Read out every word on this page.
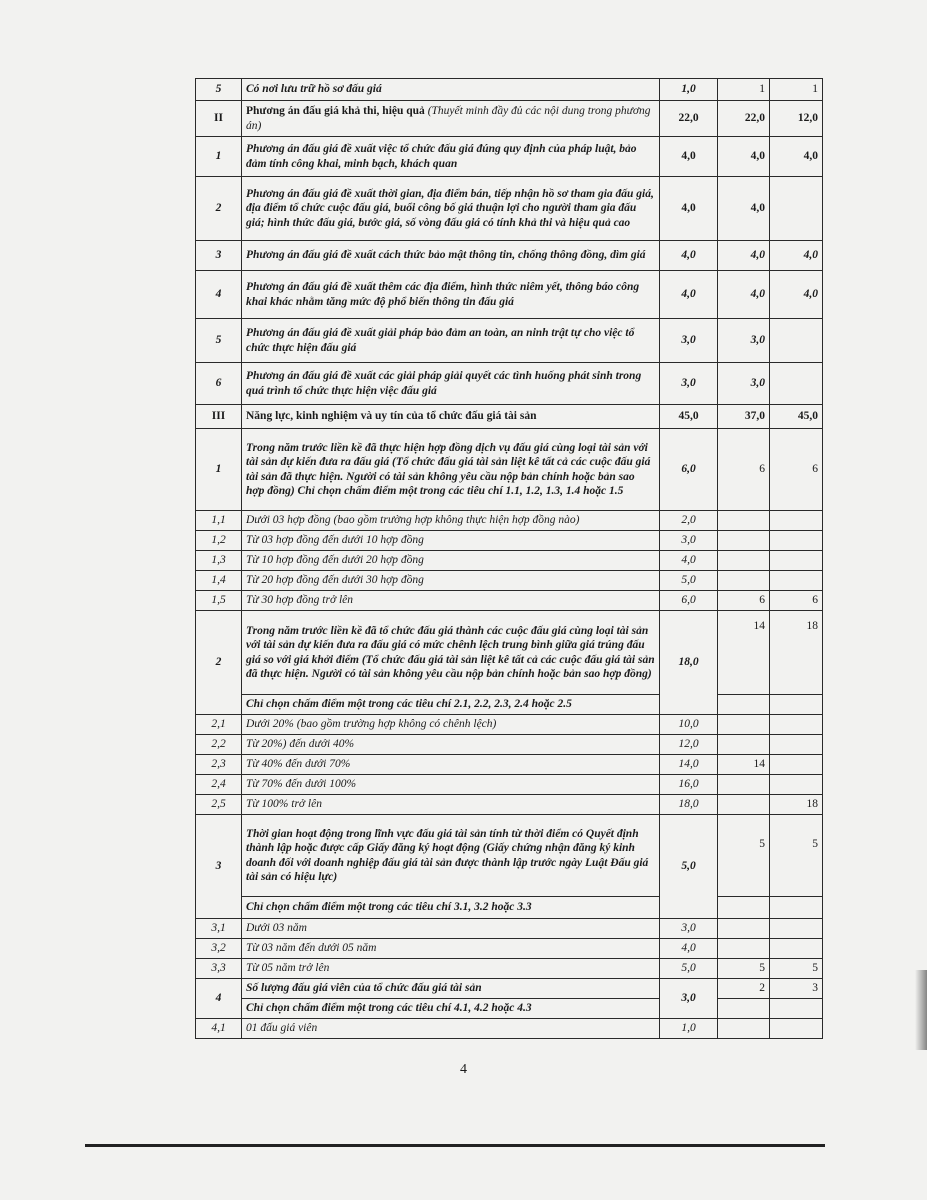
5	Có nơi lưu trữ hồ sơ đấu giá	1,0	1	1
II	Phương án đấu giá khả thi, hiệu quả (Thuyết minh đầy đủ các nội dung trong phương án)	22,0	22,0	12,0
1	Phương án đấu giá đề xuất việc tổ chức đấu giá đúng quy định của pháp luật, bảo đảm tính công khai, minh bạch, khách quan	4,0	4,0	4,0
2	Phương án đấu giá đề xuất thời gian, địa điểm bán, tiếp nhận hồ sơ tham gia đấu giá, địa điểm tổ chức cuộc đấu giá, buổi công bố giá thuận lợi cho người tham gia đấu giá; hình thức đấu giá, bước giá, số vòng đấu giá có tính khả thi và hiệu quả cao	4,0	4,0	
3	Phương án đấu giá đề xuất cách thức bảo mật thông tin, chống thông đồng, dìm giá	4,0	4,0	4,0
4	Phương án đấu giá đề xuất thêm các địa điểm, hình thức niêm yết, thông báo công khai khác nhằm tăng mức độ phổ biến thông tin đấu giá	4,0	4,0	4,0
5	Phương án đấu giá đề xuất giải pháp bảo đảm an toàn, an ninh trật tự cho việc tổ chức thực hiện đấu giá	3,0	3,0	
6	Phương án đấu giá đề xuất các giải pháp giải quyết các tình huống phát sinh trong quá trình tổ chức thực hiện việc đấu giá	3,0	3,0	
III	Năng lực, kinh nghiệm và uy tín của tổ chức đấu giá tài sản	45,0	37,0	45,0
1	Trong năm trước liền kề đã thực hiện hợp đồng dịch vụ đấu giá cùng loại tài sản với tài sản dự kiến đưa ra đấu giá (Tổ chức đấu giá tài sản liệt kê tất cả các cuộc đấu giá tài sản đã thực hiện. Người có tài sản không yêu cầu nộp bản chính hoặc bản sao hợp đồng) Chỉ chọn chấm điểm một trong các tiêu chí 1.1, 1.2, 1.3, 1.4 hoặc 1.5	6,0	6	6
1,1	Dưới 03 hợp đồng (bao gồm trường hợp không thực hiện hợp đồng nào)	2,0		
1,2	Từ 03 hợp đồng đến dưới 10 hợp đồng	3,0		
1,3	Từ 10 hợp đồng đến dưới 20 hợp đồng	4,0		
1,4	Từ 20 hợp đồng đến dưới 30 hợp đồng	5,0		
1,5	Từ 30 hợp đồng trở lên	6,0	6	6
2	Trong năm trước liền kề đã tổ chức đấu giá thành các cuộc đấu giá cùng loại tài sản với tài sản dự kiến đưa ra đấu giá có mức chênh lệch trung bình giữa giá trúng đấu giá so với giá khởi điểm (Tổ chức đấu giá tài sản liệt kê tất cả các cuộc đấu giá tài sản đã thực hiện. Người có tài sản không yêu cầu nộp bản chính hoặc bản sao hợp đồng)	18,0	14	18
	Chỉ chọn chấm điểm một trong các tiêu chí 2.1, 2.2, 2.3, 2.4 hoặc 2.5			
2,1	Dưới 20% (bao gồm trường hợp không có chênh lệch)	10,0		
2,2	Từ 20%) đến dưới 40%	12,0		
2,3	Từ 40% đến dưới 70%	14,0	14	
2,4	Từ 70% đến dưới 100%	16,0		
2,5	Từ 100% trở lên	18,0		18
3	Thời gian hoạt động trong lĩnh vực đấu giá tài sản tính từ thời điểm có Quyết định thành lập hoặc được cấp Giấy đăng ký hoạt động (Giấy chứng nhận đăng ký kinh doanh đối với doanh nghiệp đấu giá tài sản được thành lập trước ngày Luật Đấu giá tài sản có hiệu lực)	5,0	5	5
	Chỉ chọn chấm điểm một trong các tiêu chí 3.1, 3.2 hoặc 3.3			
3,1	Dưới 03 năm	3,0		
3,2	Từ 03 năm đến dưới 05 năm	4,0		
3,3	Từ 05 năm trở lên	5,0	5	5
4	Số lượng đấu giá viên của tổ chức đấu giá tài sản	3,0	2	3
	Chỉ chọn chấm điểm một trong các tiêu chí 4.1, 4.2 hoặc 4.3			
4,1	01 đấu giá viên	1,0		
4
